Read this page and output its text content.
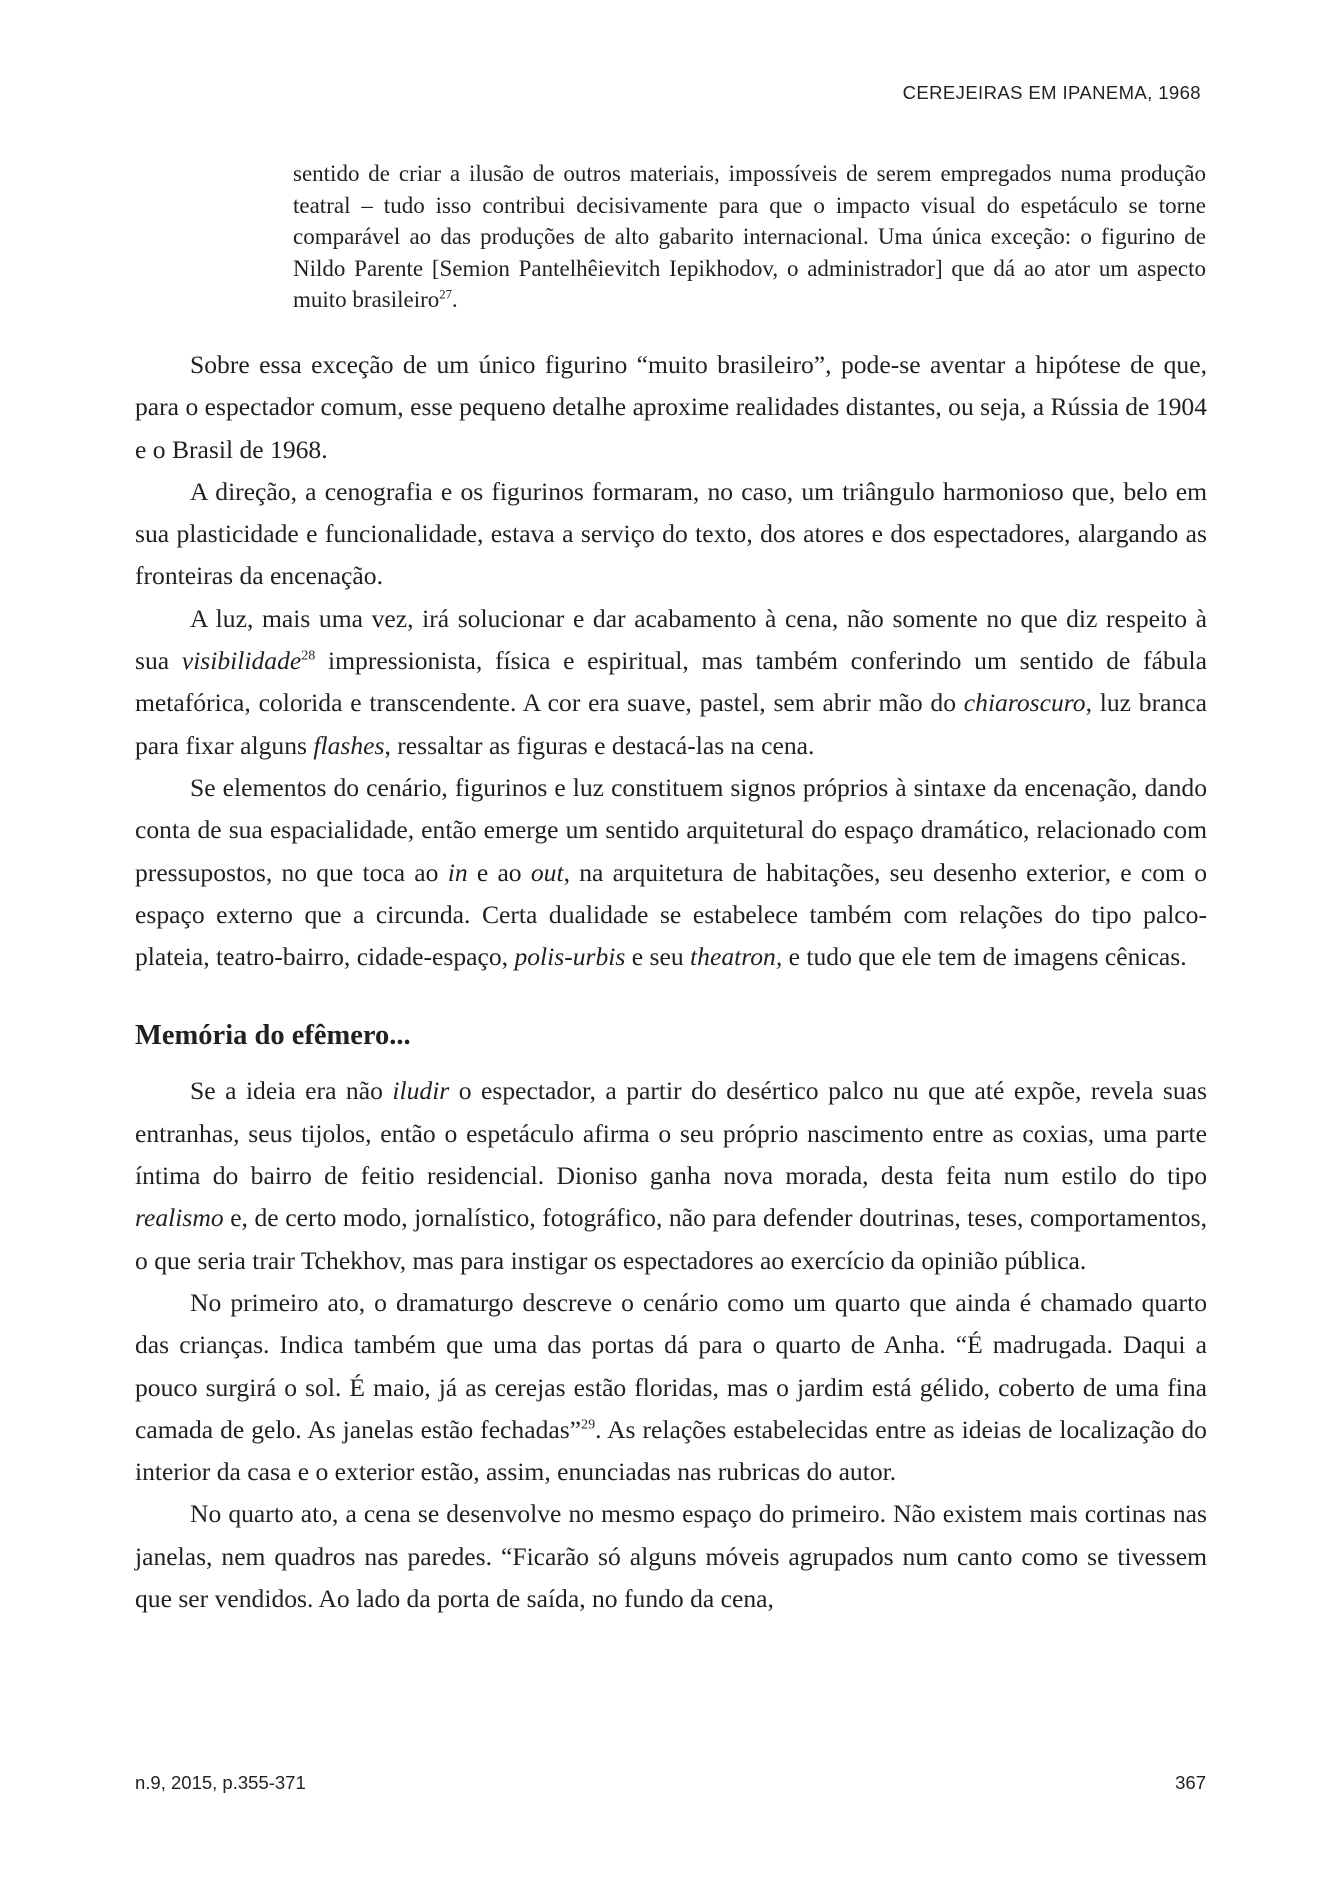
CEREJEIRAS EM IPANEMA, 1968

sentido de criar a ilusão de outros materiais, impossíveis de serem empregados numa produção teatral – tudo isso contribui decisivamente para que o impacto visual do espetáculo se torne comparável ao das produções de alto gabarito internacional. Uma única exceção: o figurino de Nildo Parente [Semion Pantelhêievitch Iepikhodov, o administrador] que dá ao ator um aspecto muito brasileiro$^{27}$.

Sobre essa exceção de um único figurino “muito brasileiro”, pode-se aventar a hipótese de que, para o espectador comum, esse pequeno detalhe aproxime realidades distantes, ou seja, a Rússia de 1904 e o Brasil de 1968.

A direção, a cenografia e os figurinos formaram, no caso, um triângulo harmonioso que, belo em sua plasticidade e funcionalidade, estava a serviço do texto, dos atores e dos espectadores, alargando as fronteiras da encenação.

A luz, mais uma vez, irá solucionar e dar acabamento à cena, não somente no que diz respeito à sua visibilidade$^{28}$ impressionista, física e espiritual, mas também conferindo um sentido de fábula metafórica, colorida e transcendente. A cor era suave, pastel, sem abrir mão do chiaroscuro, luz branca para fixar alguns flashes, ressaltar as figuras e destacá-las na cena.

Se elementos do cenário, figurinos e luz constituem signos próprios à sintaxe da encenação, dando conta de sua espacialidade, então emerge um sentido arquitetural do espaço dramático, relacionado com pressupostos, no que toca ao in e ao out, na arquitetura de habitações, seu desenho exterior, e com o espaço externo que a circunda. Certa dualidade se estabelece também com relações do tipo palco-plateia, teatro-bairro, cidade-espaço, polis-urbis e seu theatron, e tudo que ele tem de imagens cênicas.

Memória do efêmero...

Se a ideia era não iludir o espectador, a partir do desértico palco nu que até expõe, revela suas entranhas, seus tijolos, então o espetáculo afirma o seu próprio nascimento entre as coxias, uma parte íntima do bairro de feitio residencial. Dioniso ganha nova morada, desta feita num estilo do tipo realismo e, de certo modo, jornalístico, fotográfico, não para defender doutrinas, teses, comportamentos, o que seria trair Tchekhov, mas para instigar os espectadores ao exercício da opinião pública.

No primeiro ato, o dramaturgo descreve o cenário como um quarto que ainda é chamado quarto das crianças. Indica também que uma das portas dá para o quarto de Anha. “É madrugada. Daqui a pouco surgirá o sol. É maio, já as cerejas estão floridas, mas o jardim está gélido, coberto de uma fina camada de gelo. As janelas estão fechadas”$^{29}$. As relações estabelecidas entre as ideias de localização do interior da casa e o exterior estão, assim, enunciadas nas rubricas do autor.

No quarto ato, a cena se desenvolve no mesmo espaço do primeiro. Não existem mais cortinas nas janelas, nem quadros nas paredes. “Ficarão só alguns móveis agrupados num canto como se tivessem que ser vendidos. Ao lado da porta de saída, no fundo da cena,

n.9, 2015, p.355-371	367
